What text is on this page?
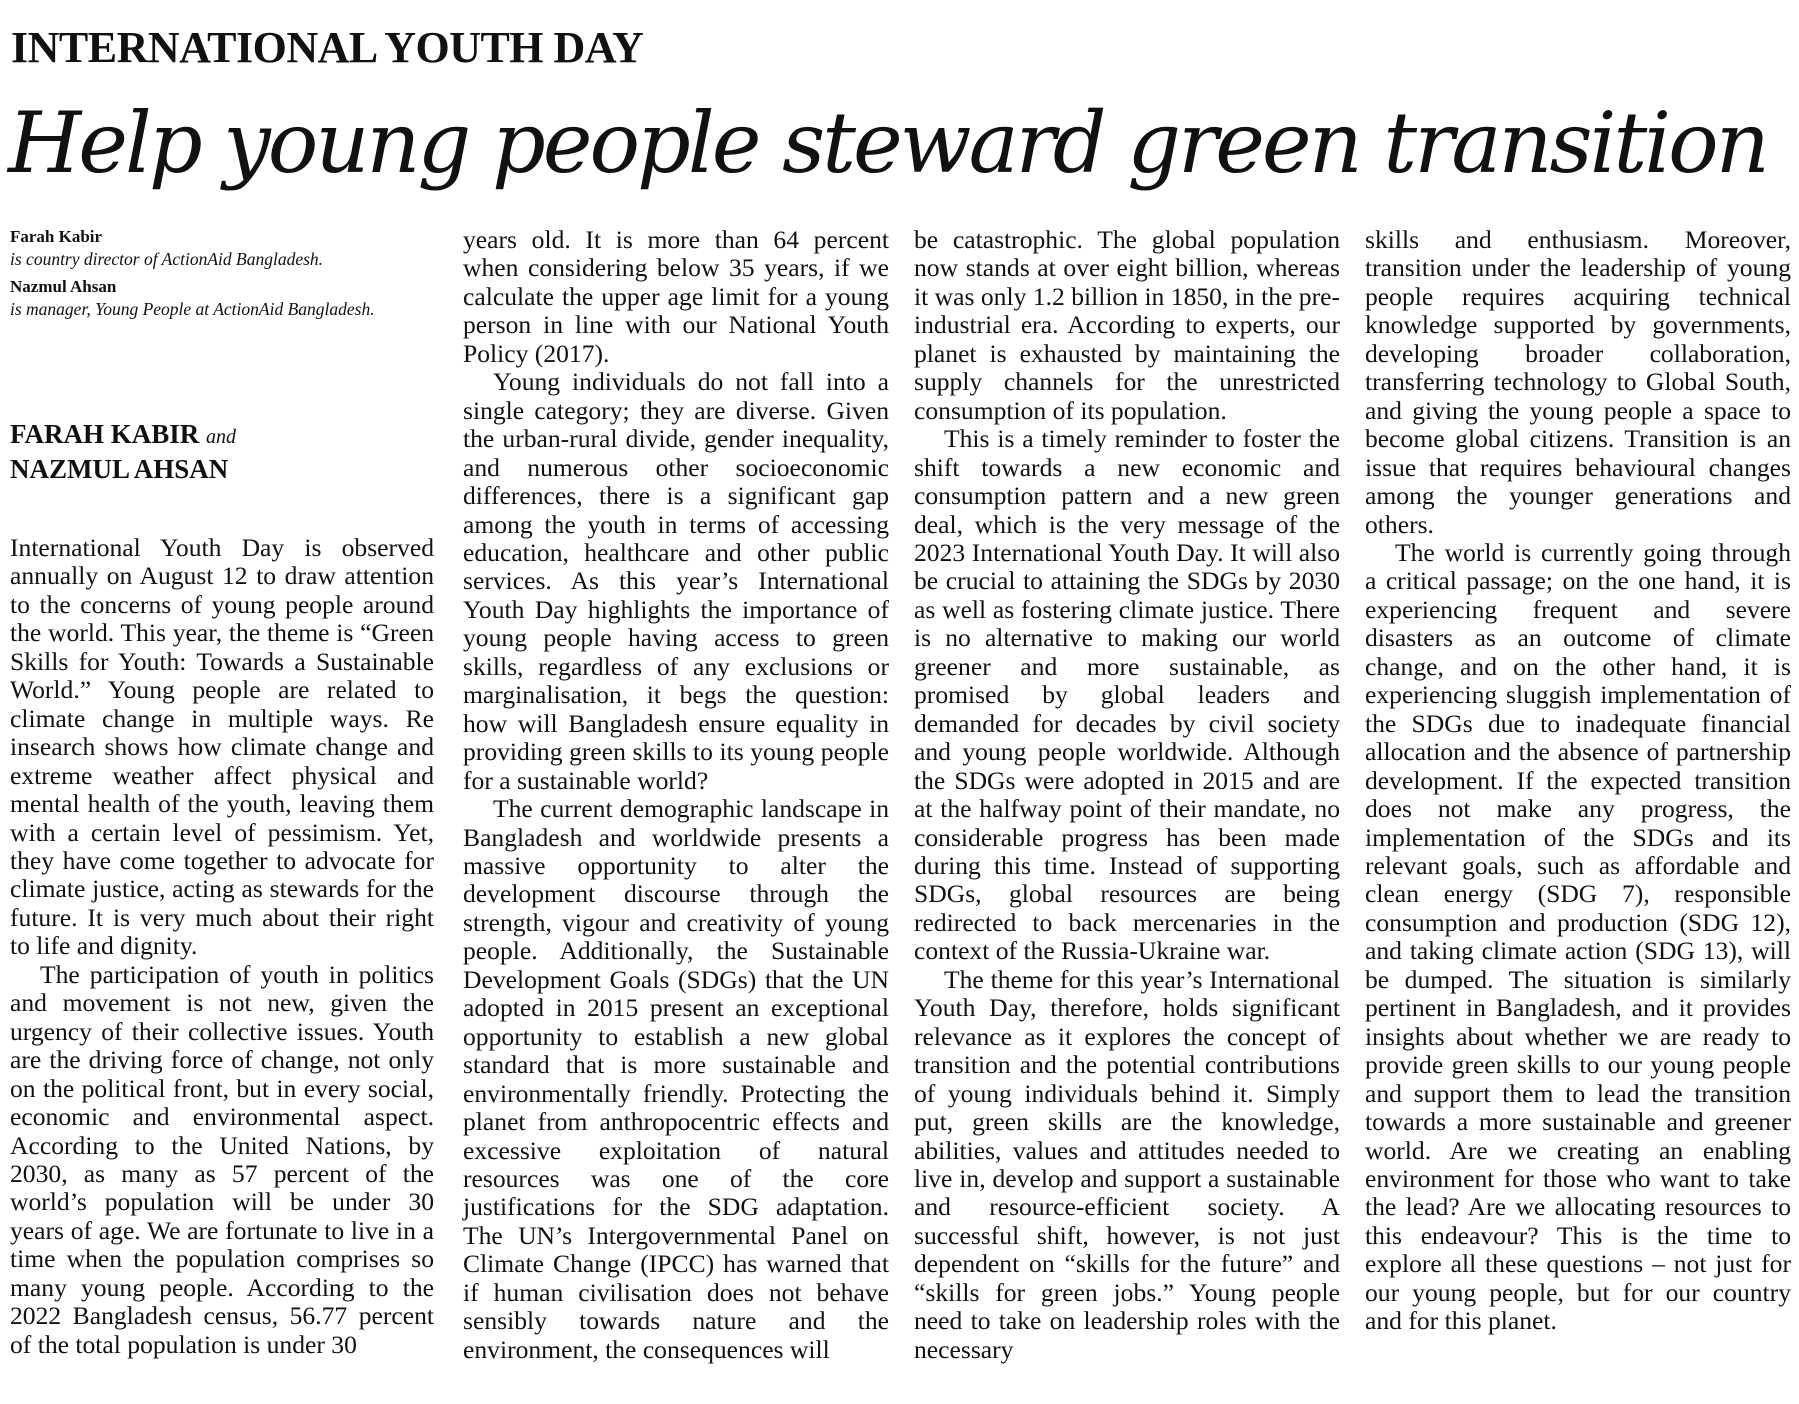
INTERNATIONAL YOUTH DAY
Help young people steward green transition

Farah Kabir

is country director of ActionAid Bangladesh.

Nazmul Ahsan

is manager, Young People at ActionAid Bangladesh.

FARAH KABIR and
NAZMUL AHSAN

International Youth Day is observed annually on August 12 to draw attention to the concerns of young people around the world. This year, the theme is “Green Skills for Youth: Towards a Sustainable World.” Young people are related to climate change in multiple ways. Re insearch shows how climate change and extreme weather affect physical and mental health of the youth, leaving them with a certain level of pessimism. Yet, they have come together to advocate for climate justice, acting as stewards for the future. It is very much about their right to life and dignity.

The participation of youth in politics and movement is not new, given the urgency of their collective issues. Youth are the driving force of change, not only on the political front, but in every social, economic and environmental aspect. According to the United Nations, by 2030, as many as 57 percent of the world’s population will be under 30 years of age. We are fortunate to live in a time when the population comprises so many young people. According to the 2022 Bangladesh census, 56.77 percent of the total population is under 30

years old. It is more than 64 percent when considering below 35 years, if we calculate the upper age limit for a young person in line with our National Youth Policy (2017).

Young individuals do not fall into a single category; they are diverse. Given the urban-rural divide, gender inequality, and numerous other socioeconomic differences, there is a significant gap among the youth in terms of accessing education, healthcare and other public services. As this year’s International Youth Day highlights the importance of young people having access to green skills, regardless of any exclusions or marginalisation, it begs the question: how will Bangladesh ensure equality in providing green skills to its young people for a sustainable world?

The current demographic landscape in Bangladesh and worldwide presents a massive opportunity to alter the development discourse through the strength, vigour and creativity of young people. Additionally, the Sustainable Development Goals (SDGs) that the UN adopted in 2015 present an exceptional opportunity to establish a new global standard that is more sustainable and environmentally friendly. Protecting the planet from anthropocentric effects and excessive exploitation of natural resources was one of the core justifications for the SDG adaptation. The UN’s Intergovernmental Panel on Climate Change (IPCC) has warned that if human civilisation does not behave sensibly towards nature and the environment, the consequences will

be catastrophic. The global population now stands at over eight billion, whereas it was only 1.2 billion in 1850, in the pre-industrial era. According to experts, our planet is exhausted by maintaining the supply channels for the unrestricted consumption of its population.

This is a timely reminder to foster the shift towards a new economic and consumption pattern and a new green deal, which is the very message of the 2023 International Youth Day. It will also be crucial to attaining the SDGs by 2030 as well as fostering climate justice. There is no alternative to making our world greener and more sustainable, as promised by global leaders and demanded for decades by civil society and young people worldwide. Although the SDGs were adopted in 2015 and are at the halfway point of their mandate, no considerable progress has been made during this time. Instead of supporting SDGs, global resources are being redirected to back mercenaries in the context of the Russia-Ukraine war.

The theme for this year’s International Youth Day, therefore, holds significant relevance as it explores the concept of transition and the potential contributions of young individuals behind it. Simply put, green skills are the knowledge, abilities, values and attitudes needed to live in, develop and support a sustainable and resource-efficient society. A successful shift, however, is not just dependent on “skills for the future” and “skills for green jobs.” Young people need to take on leadership roles with the necessary

skills and enthusiasm. Moreover, transition under the leadership of young people requires acquiring technical knowledge supported by governments, developing broader collaboration, transferring technology to Global South, and giving the young people a space to become global citizens. Transition is an issue that requires behavioural changes among the younger generations and others.

The world is currently going through a critical passage; on the one hand, it is experiencing frequent and severe disasters as an outcome of climate change, and on the other hand, it is experiencing sluggish implementation of the SDGs due to inadequate financial allocation and the absence of partnership development. If the expected transition does not make any progress, the implementation of the SDGs and its relevant goals, such as affordable and clean energy (SDG 7), responsible consumption and production (SDG 12), and taking climate action (SDG 13), will be dumped. The situation is similarly pertinent in Bangladesh, and it provides insights about whether we are ready to provide green skills to our young people and support them to lead the transition towards a more sustainable and greener world. Are we creating an enabling environment for those who want to take the lead? Are we allocating resources to this endeavour? This is the time to explore all these questions – not just for our young people, but for our country and for this planet.
